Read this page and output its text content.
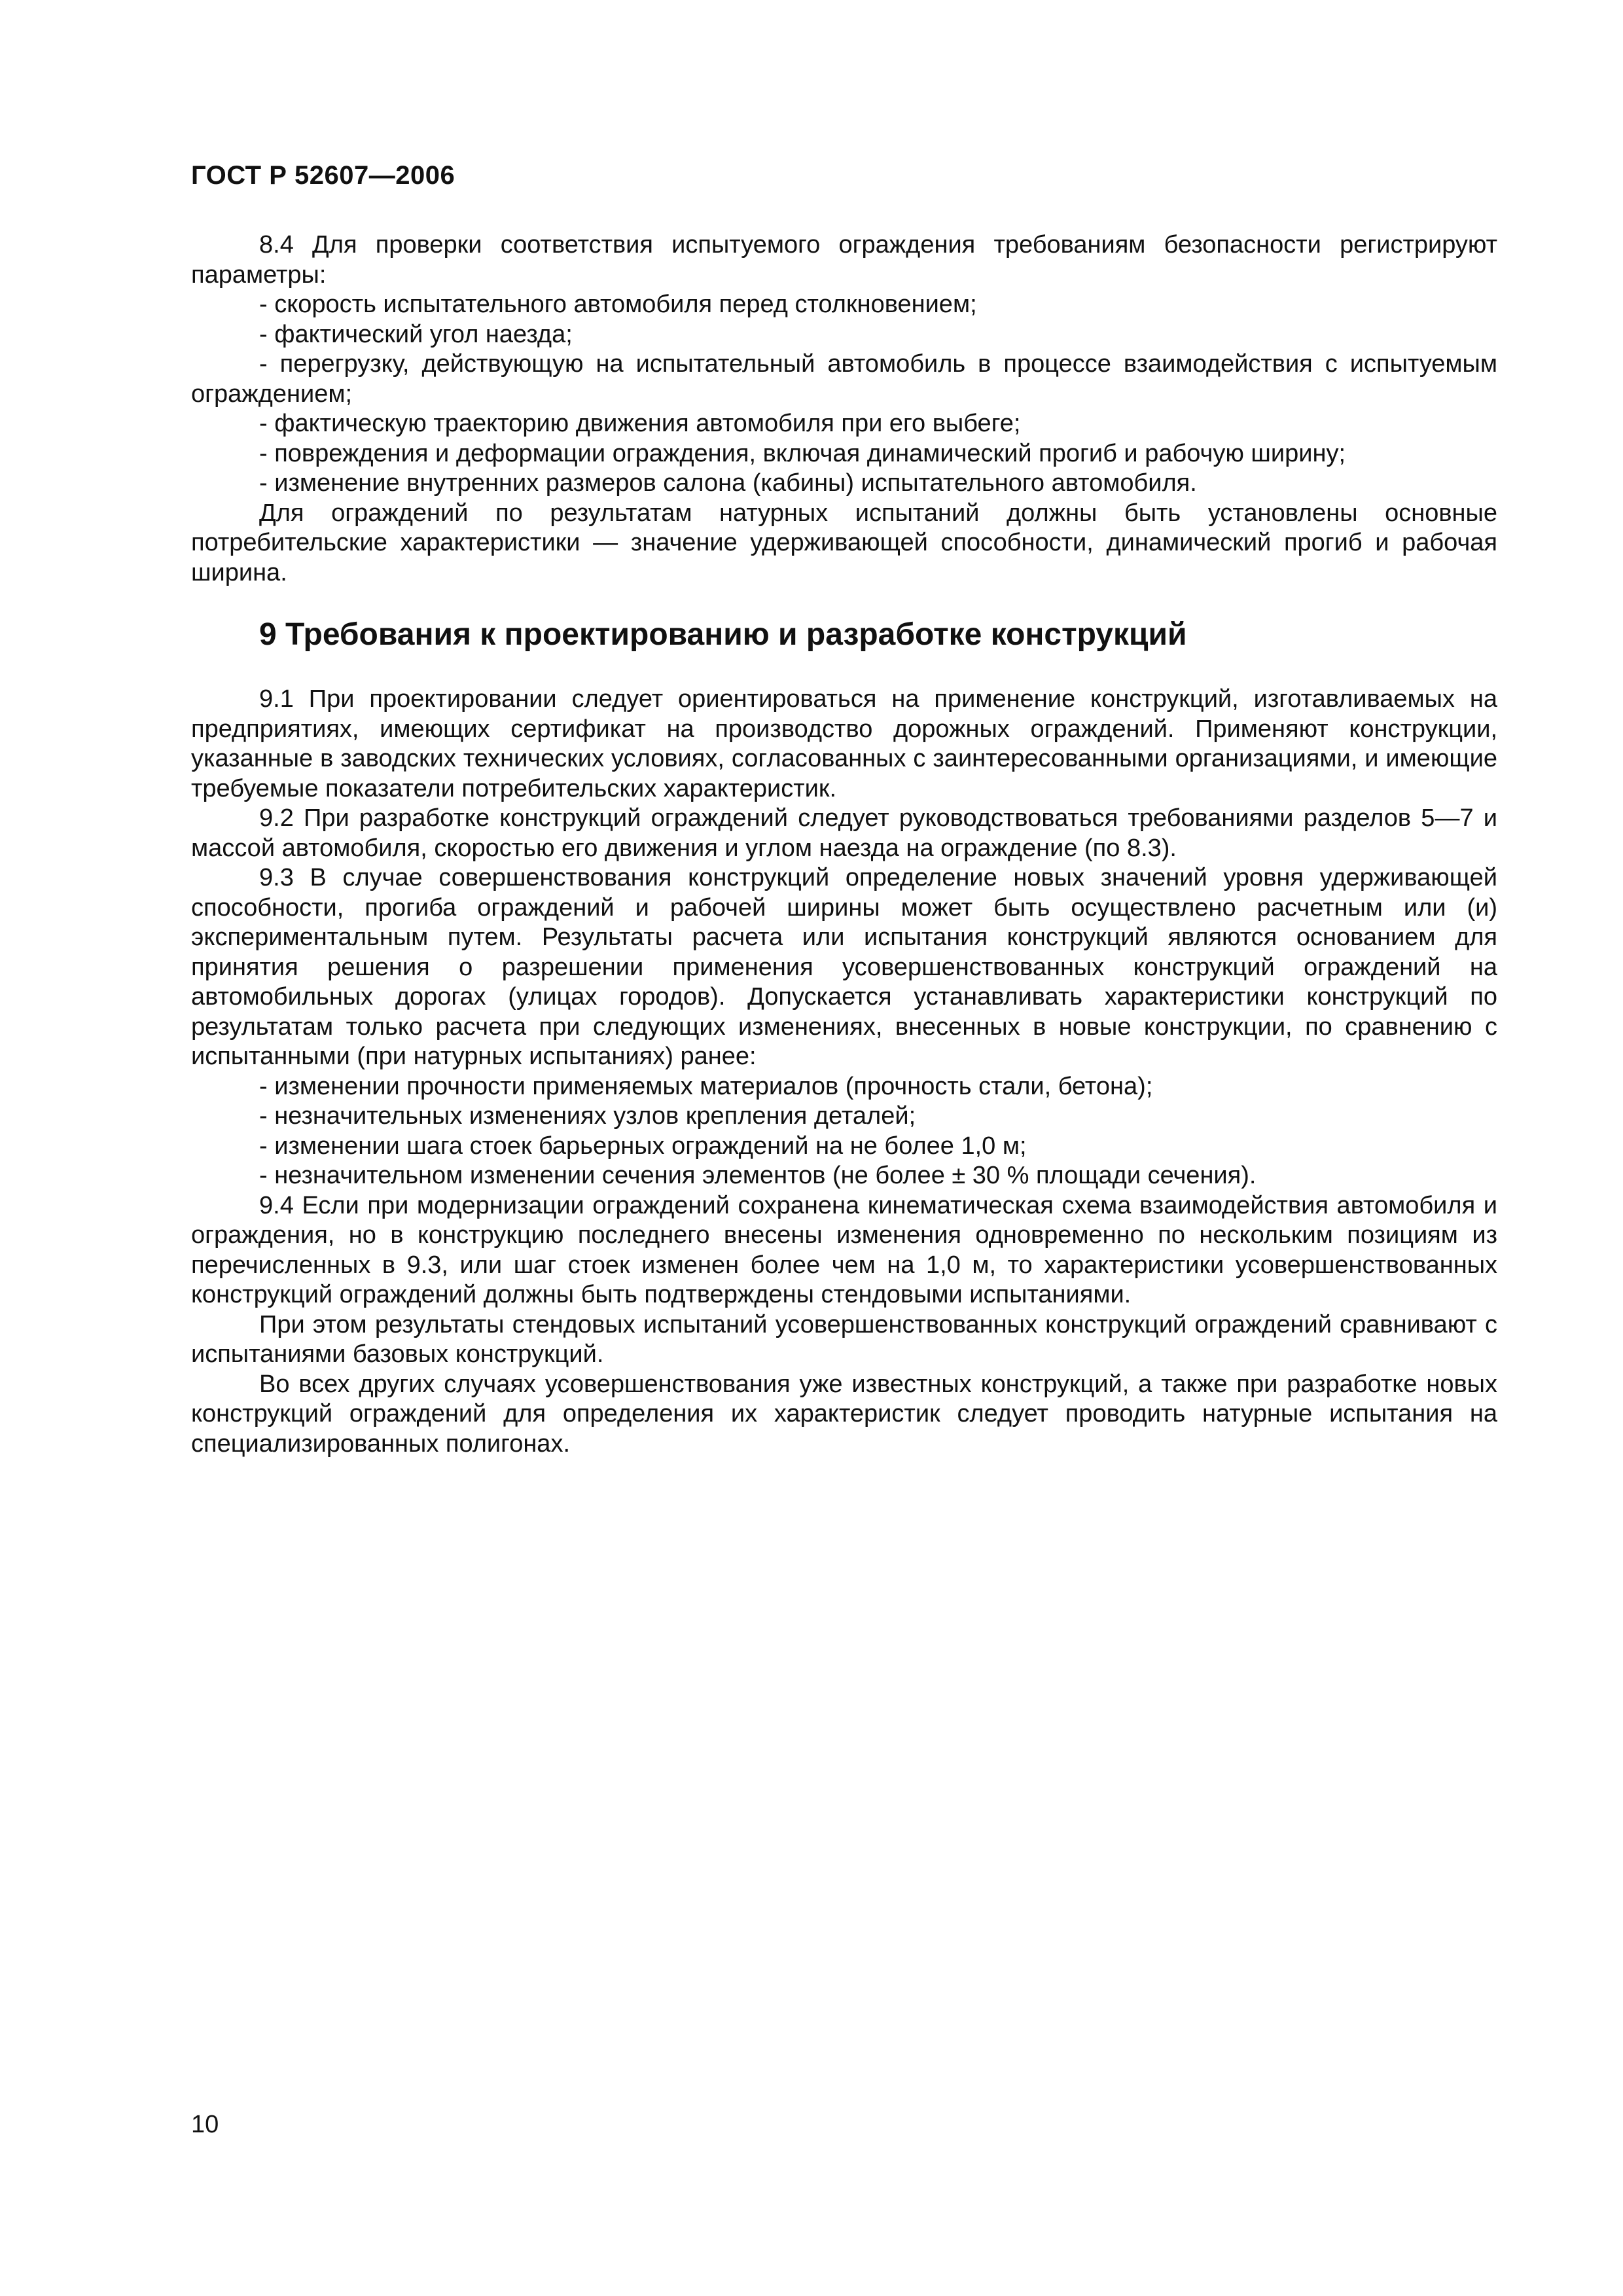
ГОСТ Р 52607—2006

8.4 Для проверки соответствия испытуемого ограждения требованиям безопасности регистрируют параметры:

- скорость испытательного автомобиля перед столкновением;
- фактический угол наезда;
- перегрузку, действующую на испытательный автомобиль в процессе взаимодействия с испытуемым ограждением;
- фактическую траекторию движения автомобиля при его выбеге;
- повреждения и деформации ограждения, включая динамический прогиб и рабочую ширину;
- изменение внутренних размеров салона (кабины) испытательного автомобиля.

Для ограждений по результатам натурных испытаний должны быть установлены основные потребительские характеристики — значение удерживающей способности, динамический прогиб и рабочая ширина.

9 Требования к проектированию и разработке конструкций

9.1 При проектировании следует ориентироваться на применение конструкций, изготавливаемых на предприятиях, имеющих сертификат на производство дорожных ограждений. Применяют конструкции, указанные в заводских технических условиях, согласованных с заинтересованными организациями, и имеющие требуемые показатели потребительских характеристик.

9.2 При разработке конструкций ограждений следует руководствоваться требованиями разделов 5—7 и массой автомобиля, скоростью его движения и углом наезда на ограждение (по 8.3).

9.3 В случае совершенствования конструкций определение новых значений уровня удерживающей способности, прогиба ограждений и рабочей ширины может быть осуществлено расчетным или (и) экспериментальным путем. Результаты расчета или испытания конструкций являются основанием для принятия решения о разрешении применения усовершенствованных конструкций ограждений на автомобильных дорогах (улицах городов). Допускается устанавливать характеристики конструкций по результатам только расчета при следующих изменениях, внесенных в новые конструкции, по сравнению с испытанными (при натурных испытаниях) ранее:

- изменении прочности применяемых материалов (прочность стали, бетона);
- незначительных изменениях узлов крепления деталей;
- изменении шага стоек барьерных ограждений на не более 1,0 м;
- незначительном изменении сечения элементов (не более ± 30 % площади сечения).

9.4 Если при модернизации ограждений сохранена кинематическая схема взаимодействия автомобиля и ограждения, но в конструкцию последнего внесены изменения одновременно по нескольким позициям из перечисленных в 9.3, или шаг стоек изменен более чем на 1,0 м, то характеристики усовершенствованных конструкций ограждений должны быть подтверждены стендовыми испытаниями.

При этом результаты стендовых испытаний усовершенствованных конструкций ограждений сравнивают с испытаниями базовых конструкций.

Во всех других случаях усовершенствования уже известных конструкций, а также при разработке новых конструкций ограждений для определения их характеристик следует проводить натурные испытания на специализированных полигонах.

10
